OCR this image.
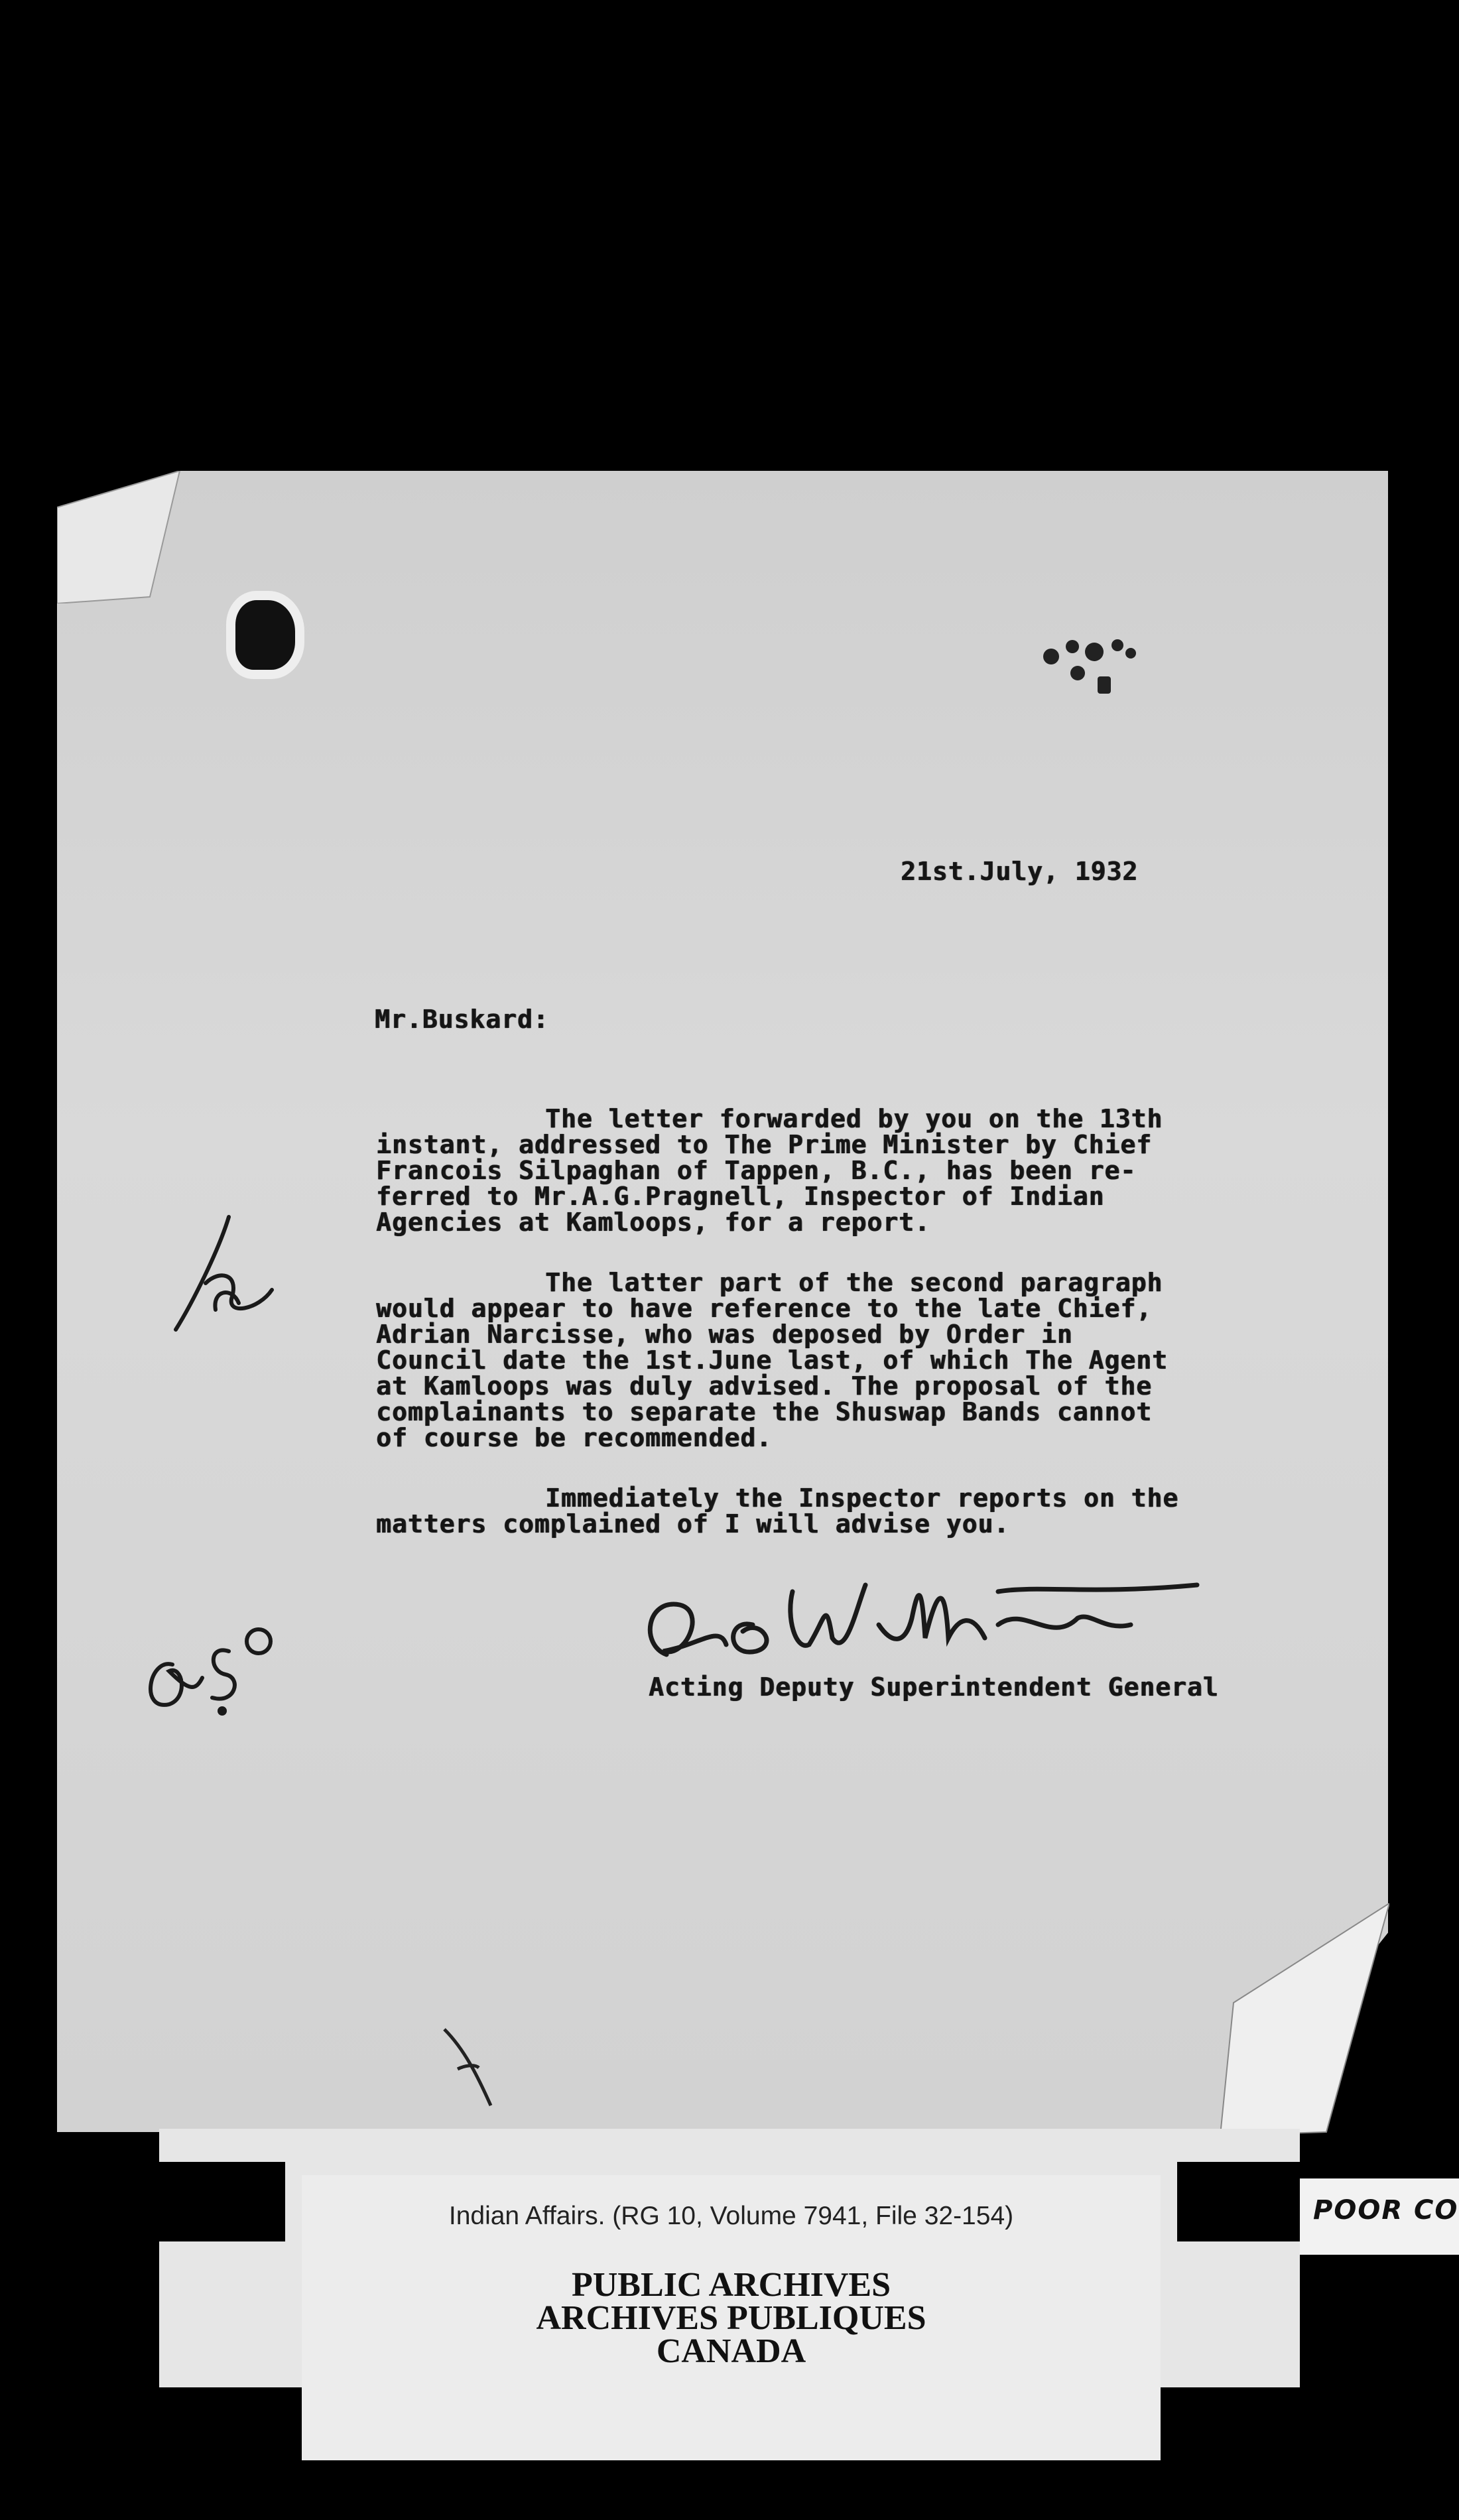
21st.July, 1932
Mr.Buskard:
The letter forwarded by you on the 13th
instant, addressed to The Prime Minister by Chief
Francois Silpaghan of Tappen, B.C., has been re-
ferred to Mr.A.G.Pragnell, Inspector of Indian
Agencies at Kamloops, for a report.
The latter part of the second paragraph
would appear to have reference to the late Chief,
Adrian Narcisse, who was deposed by Order in
Council date the 1st.June last, of which The Agent
at Kamloops was duly advised. The proposal of the
complainants to separate the Shuswap Bands cannot
of course be recommended.
Immediately the Inspector reports on the
matters complained of I will advise you.
Acting Deputy Superintendent General
Indian Affairs. (RG 10, Volume 7941, File 32-154)
PUBLIC ARCHIVES
ARCHIVES PUBLIQUES
CANADA
POOR CO
